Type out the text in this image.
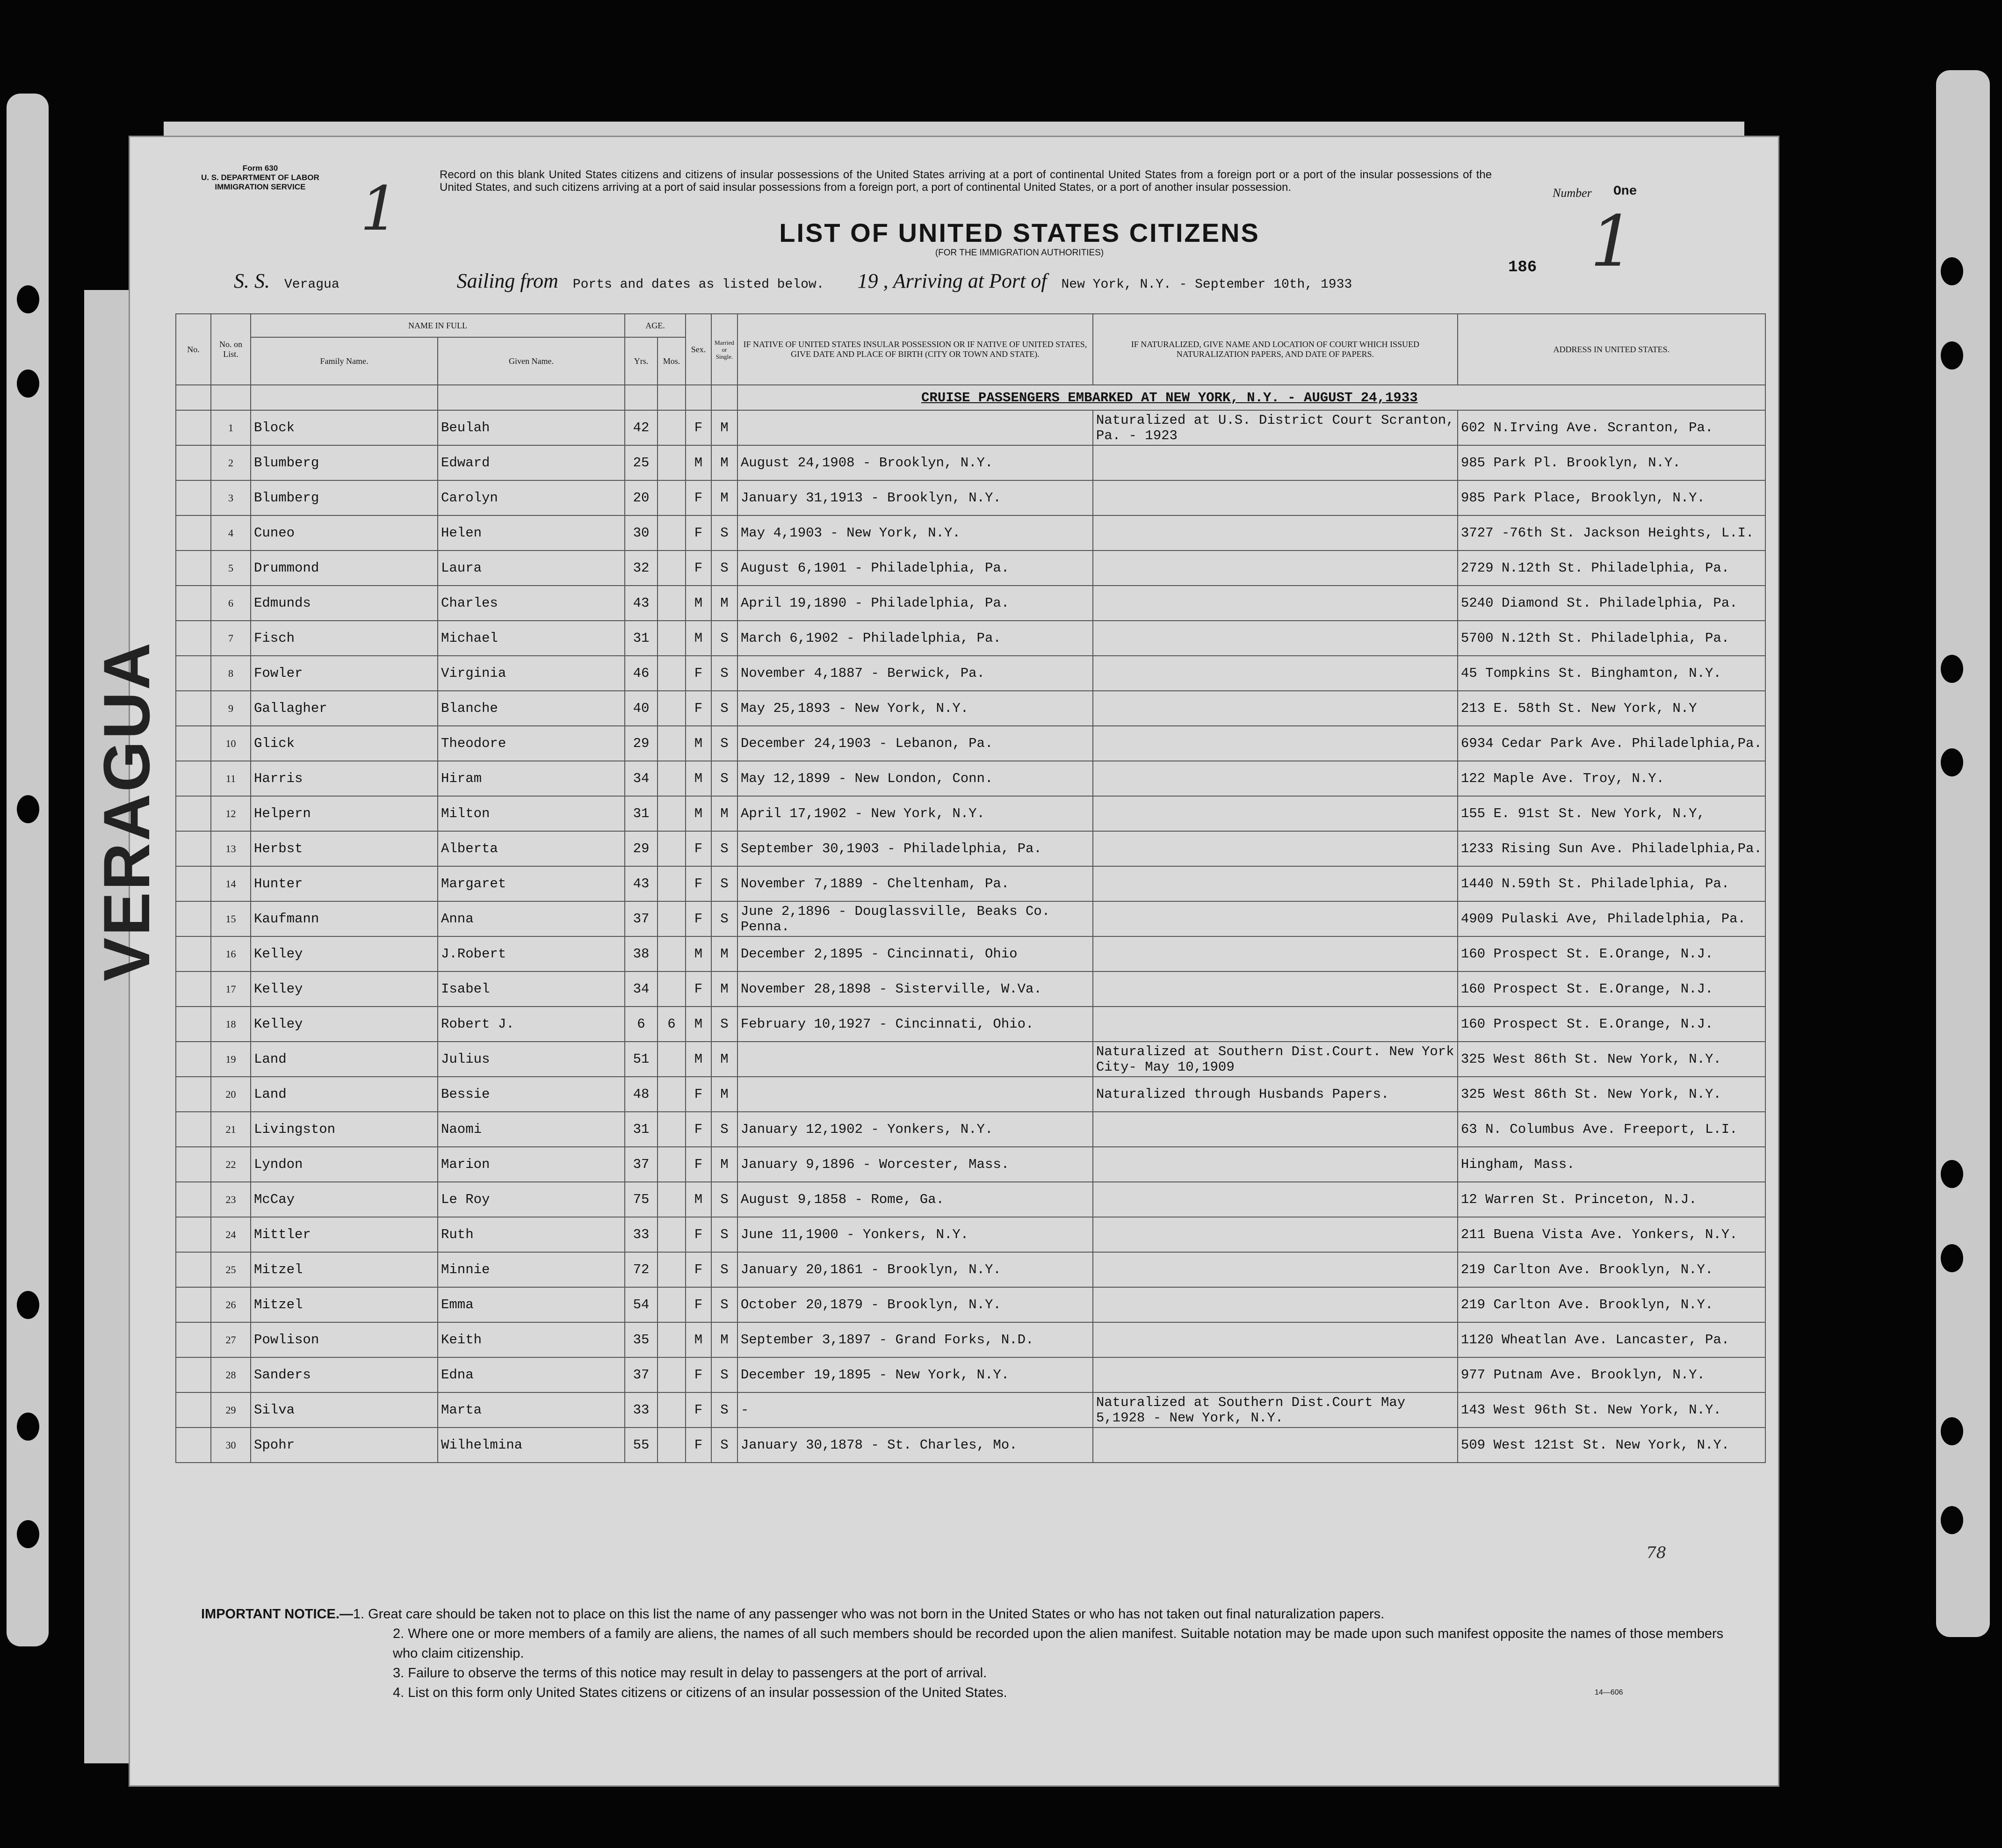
VERAGUA
Form 630
U. S. DEPARTMENT OF LABOR
IMMIGRATION SERVICE 1	Record on this blank United States citizens and citizens of insular possessions of the United States arriving at a port of continental United States from a foreign port or a port of the insular possessions of the United States, and such citizens arriving at a port of said insular possessions from a foreign port, a port of continental United States, or a port of another insular possession.	Number One
1
LIST OF UNITED STATES CITIZENS
(FOR THE IMMIGRATION AUTHORITIES)
S. S. Veragua	Sailing from Ports and dates as listed below. 19 , Arriving at Port of New York, N.Y. - September 10th, 1933
186
No.	No. on List.	NAME IN FULL		AGE.		Sex.	Married or Single.	IF NATIVE OF UNITED STATES INSULAR POSSESSION OR IF NATIVE OF UNITED STATES, GIVE DATE AND PLACE OF BIRTH (CITY OR TOWN AND STATE).	IF NATURALIZED, GIVE NAME AND LOCATION OF COURT WHICH ISSUED NATURALIZATION PAPERS, AND DATE OF PAPERS.	ADDRESS IN UNITED STATES.
		Family Name.	Given Name.	Yrs.	Mos.					

								CRUISE PASSENGERS EMBARKED AT NEW YORK, N.Y. - AUGUST 24,1933		

	1	Block	Beulah	42		F	M		Naturalized at U.S. District Court Scranton, Pa. - 1923	602 N.Irving Ave. Scranton, Pa.
	2	Blumberg	Edward	25		M	M	August 24,1908 - Brooklyn, N.Y.		985 Park Pl. Brooklyn, N.Y.
	3	Blumberg	Carolyn	20		F	M	January 31,1913 - Brooklyn, N.Y.		985 Park Place, Brooklyn, N.Y.
	4	Cuneo	Helen	30		F	S	May 4,1903 - New York, N.Y.		3727 -76th St. Jackson Heights, L.I.
	5	Drummond	Laura	32		F	S	August 6,1901 - Philadelphia, Pa.		2729 N.12th St. Philadelphia, Pa.
	6	Edmunds	Charles	43		M	M	April 19,1890 - Philadelphia, Pa.		5240 Diamond St. Philadelphia, Pa.
	7	Fisch	Michael	31		M	S	March 6,1902 - Philadelphia, Pa.		5700 N.12th St. Philadelphia, Pa.
	8	Fowler	Virginia	46		F	S	November 4,1887 - Berwick, Pa.		45 Tompkins St. Binghamton, N.Y.
	9	Gallagher	Blanche	40		F	S	May 25,1893 - New York, N.Y.		213 E. 58th St. New York, N.Y
	10	Glick	Theodore	29		M	S	December 24,1903 - Lebanon, Pa.		6934 Cedar Park Ave. Philadelphia,Pa.
	11	Harris	Hiram	34		M	S	May 12,1899 - New London, Conn.		122 Maple Ave. Troy, N.Y.
	12	Helpern	Milton	31		M	M	April 17,1902 - New York, N.Y.		155 E. 91st St. New York, N.Y,
	13	Herbst	Alberta	29		F	S	September 30,1903 - Philadelphia, Pa.		1233 Rising Sun Ave. Philadelphia,Pa.
	14	Hunter	Margaret	43		F	S	November 7,1889 - Cheltenham, Pa.		1440 N.59th St. Philadelphia, Pa.
	15	Kaufmann	Anna	37		F	S	June 2,1896 - Douglassville, Beaks Co. Penna.		4909 Pulaski Ave, Philadelphia, Pa.
	16	Kelley	J.Robert	38		M	M	December 2,1895 - Cincinnati, Ohio		160 Prospect St. E.Orange, N.J.
	17	Kelley	Isabel	34		F	M	November 28,1898 - Sisterville, W.Va.		160 Prospect St. E.Orange, N.J.
	18	Kelley	Robert J.	6	6	M	S	February 10,1927 - Cincinnati, Ohio.		160 Prospect St. E.Orange, N.J.
	19	Land	Julius	51		M	M		Naturalized at Southern Dist.Court. New York City- May 10,1909	325 West 86th St. New York, N.Y.
	20	Land	Bessie	48		F	M		Naturalized through Husbands Papers.	325 West 86th St. New York, N.Y.
	21	Livingston	Naomi	31		F	S	January 12,1902 - Yonkers, N.Y.		63 N. Columbus Ave. Freeport, L.I.
	22	Lyndon	Marion	37		F	M	January 9,1896 - Worcester, Mass.		Hingham, Mass.
	23	McCay	Le Roy	75		M	S	August 9,1858 - Rome, Ga.		12 Warren St. Princeton, N.J.
	24	Mittler	Ruth	33		F	S	June 11,1900 - Yonkers, N.Y.		211 Buena Vista Ave. Yonkers, N.Y.
	25	Mitzel	Minnie	72		F	S	January 20,1861 - Brooklyn, N.Y.		219 Carlton Ave. Brooklyn, N.Y.
	26	Mitzel	Emma	54		F	S	October 20,1879 - Brooklyn, N.Y.		219 Carlton Ave. Brooklyn, N.Y.
	27	Powlison	Keith	35		M	M	September 3,1897 - Grand Forks, N.D.		1120 Wheatlan Ave. Lancaster, Pa.
	28	Sanders	Edna	37		F	S	December 19,1895 - New York, N.Y.		977 Putnam Ave. Brooklyn, N.Y.
	29	Silva	Marta	33		F	S	-	Naturalized at Southern Dist.Court May 5,1928 - New York, N.Y.	143 West 96th St. New York, N.Y.
	30	Spohr	Wilhelmina	55		F	S	January 30,1878 - St. Charles, Mo.		509 West 121st St. New York, N.Y.
78
IMPORTANT NOTICE.—1. Great care should be taken not to place on this list the name of any passenger who was not born in the United States or who has not taken out final naturalization papers.
2. Where one or more members of a family are aliens, the names of all such members should be recorded upon the alien manifest. Suitable notation may be made upon such manifest opposite the names of those members who claim citizenship.
3. Failure to observe the terms of this notice may result in delay to passengers at the port of arrival.
4. List on this form only United States citizens or citizens of an insular possession of the United States.	14—606
